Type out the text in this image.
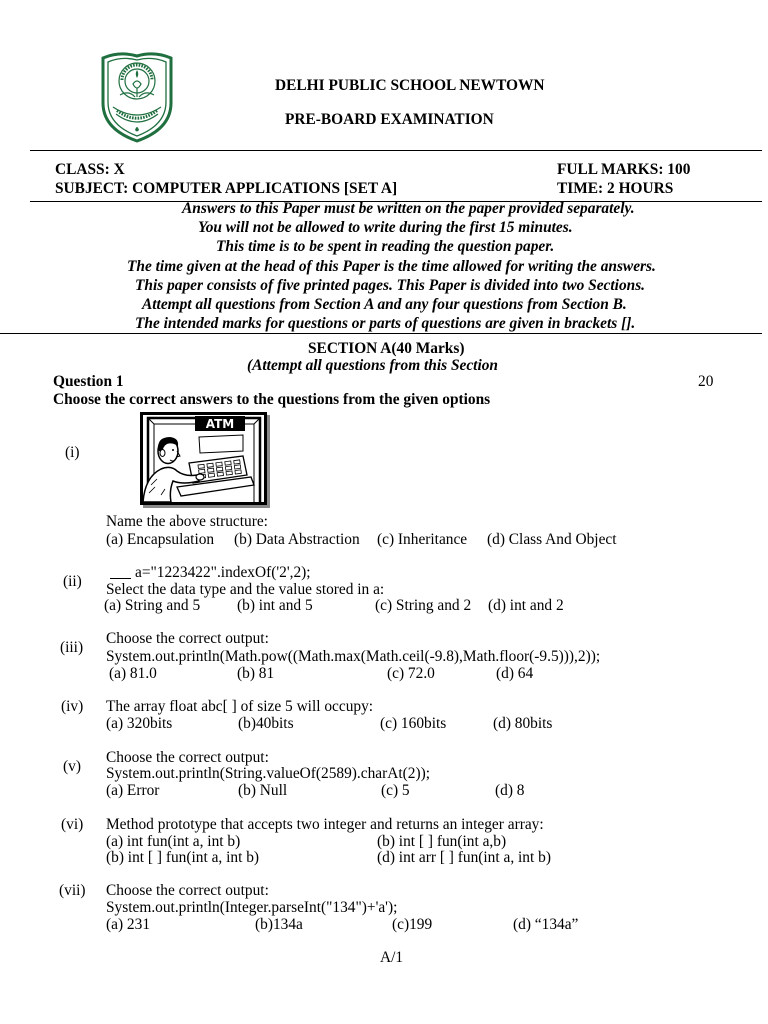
DELHI PUBLIC SCHOOL NEWTOWN
PRE-BOARD EXAMINATION
CLASS: X	FULL MARKS: 100
SUBJECT: COMPUTER APPLICATIONS [SET A]	TIME: 2 HOURS
Answers to this Paper must be written on the paper provided separately.
You will not be allowed to write during the first 15 minutes.
This time is to be spent in reading the question paper.
The time given at the head of this Paper is the time allowed for writing the answers.
This paper consists of five printed pages. This Paper is divided into two Sections.
Attempt all questions from Section A and any four questions from Section B.
The intended marks for questions or parts of questions are given in brackets [].
SECTION A(40 Marks)
(Attempt all questions from this Section
Question 1	20
Choose the correct answers to the questions from the given options
(i)
ATM
Name the above structure:
(a) Encapsulation (b) Data Abstraction (c) Inheritance (d) Class And Object
(ii)
a="1223422".indexOf('2',2);
Select the data type and the value stored in a:
(a) String and 5 (b) int and 5	(c) String and 2 (d) int and 2
(iii)
Choose the correct output:
System.out.println(Math.pow((Math.max(Math.ceil(-9.8),Math.floor(-9.5))),2));
(a) 81.0	(b) 81	(c) 72.0	(d) 64
(iv) The array float abc[ ] of size 5 will occupy:
(a) 320bits	(b)40bits	(c) 160bits	(d) 80bits
(v)
Choose the correct output:
System.out.println(String.valueOf(2589).charAt(2));
(a) Error	(b) Null	(c) 5	(d) 8
(vi) Method prototype that accepts two integer and returns an integer array:
(a) int fun(int a, int b)	(b) int [ ] fun(int a,b)
(b) int [ ] fun(int a, int b)	(d) int arr [ ] fun(int a, int b)
(vii) Choose the correct output:
System.out.println(Integer.parseInt("134")+'a');
(a) 231	(b)134a	(c)199	(d) “134a”
A/1
